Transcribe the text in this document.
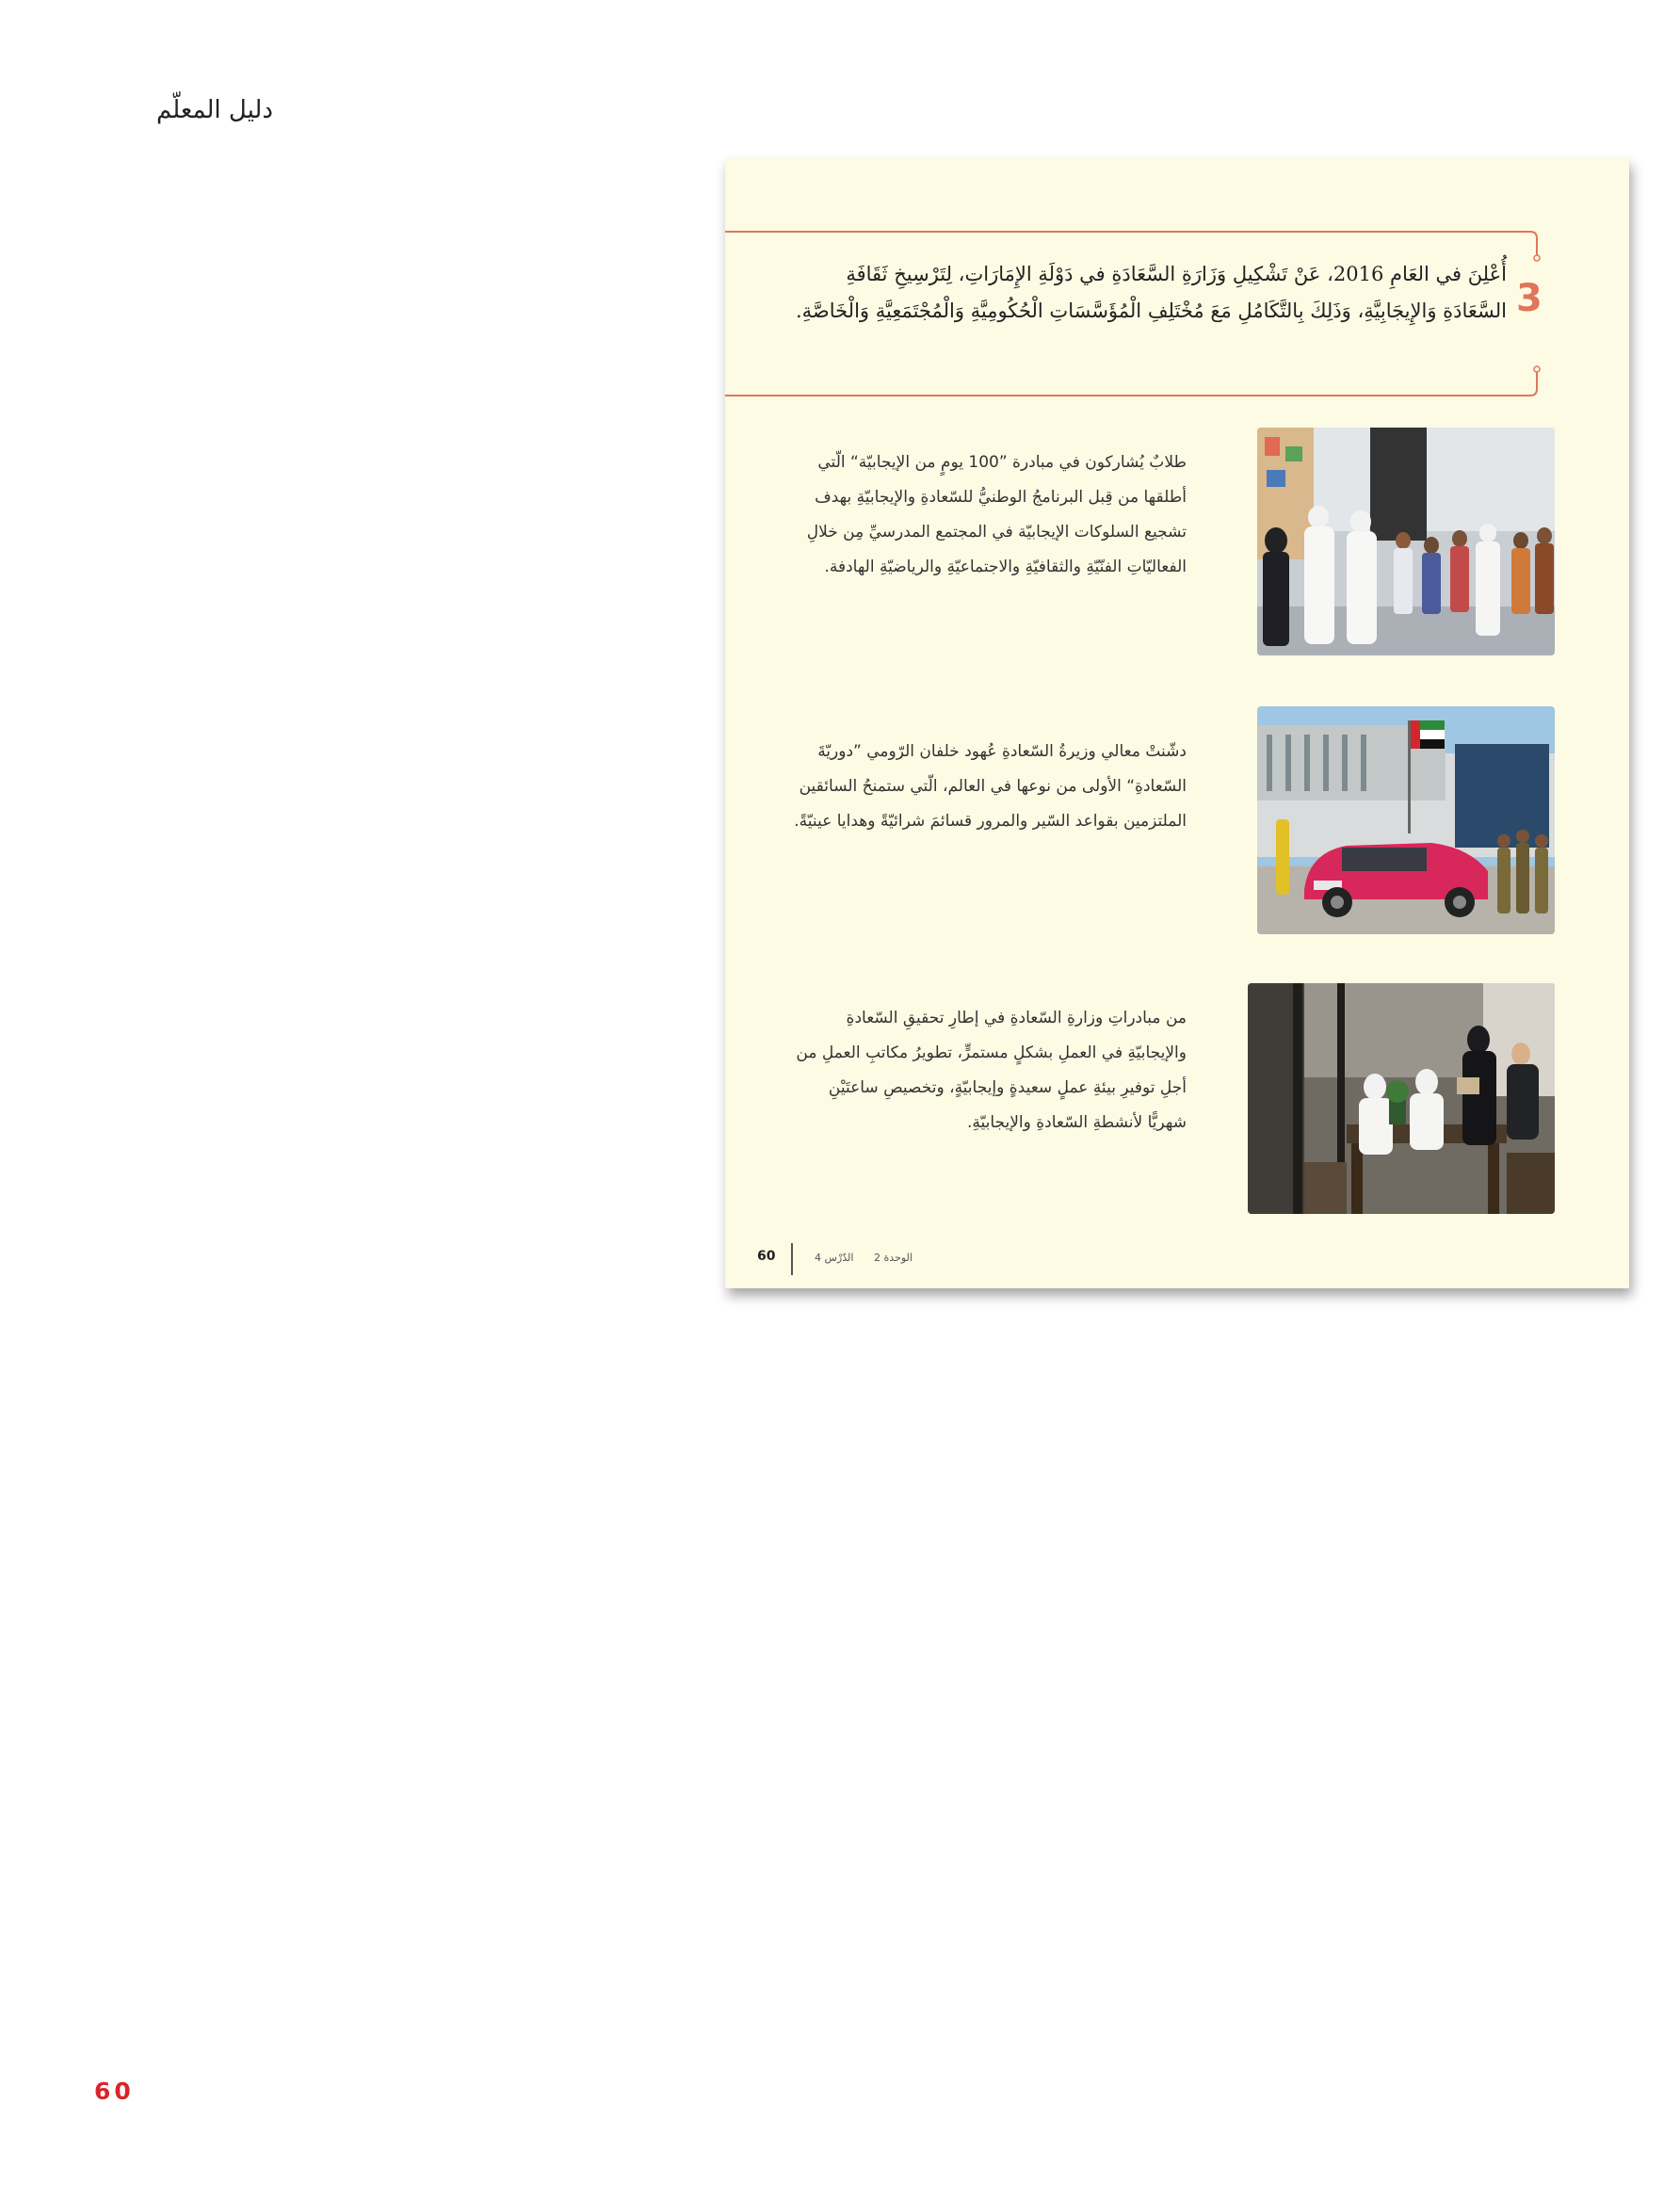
دليل المعلّم
60
3
أُعْلِنَ في العَامِ 2016، عَنْ تَشْكِيلِ وَزَارَةِ السَّعَادَةِ في دَوْلَةِ الإِمَارَاتِ، لِتَرْسِيخِ ثَقَافَةِ السَّعَادَةِ وَالإِيجَابِيَّةِ، وَذَلِكَ بِالتَّكَامُلِ مَعَ مُخْتَلِفِ الْمُؤَسَّسَاتِ الْحُكُومِيَّةِ وَالْمُجْتَمَعِيَّةِ وَالْخَاصَّةِ.
طلابٌ يُشاركون في مبادرة ”100 يومٍ من الإيجابيّة“ الّتي أطلقها من قِبل البرنامجُ الوطنيُّ للسّعادةِ والإيجابيّةِ بهدف تشجيع السلوكات الإيجابيّة في المجتمع المدرسيِّ مِن خلالِ الفعاليّاتِ الفنّيّةِ والثقافيّةِ والاجتماعيّةِ والرياضيّةِ الهادفة.
دشّنتْ معالي وزيرةُ السّعادةِ عُهود خلفان الرّومي ”دوريّةَ السّعادةِ“ الأولى من نوعها في العالم، الّتي ستمنحُ السائقين الملتزمين بقواعد السّير والمرور قسائمَ شرائيّةً وهدايا عينيّةً.
من مبادراتِ وزارةِ السّعادةِ في إطارِ تحقيقِ السّعادةِ والإيجابيّةِ في العملِ بشكلٍ مستمرٍّ، تطويرُ مكاتبِ العملِ من أجلِ توفيرِ بيئةِ عملٍ سعيدةٍ وإيجابيّةٍ، وتخصيصِ ساعتَيْنِ شهريًّا لأنشطةِ السّعادةِ والإيجابيّةِ.
60	الدّرْس 4 الوحدة 2
